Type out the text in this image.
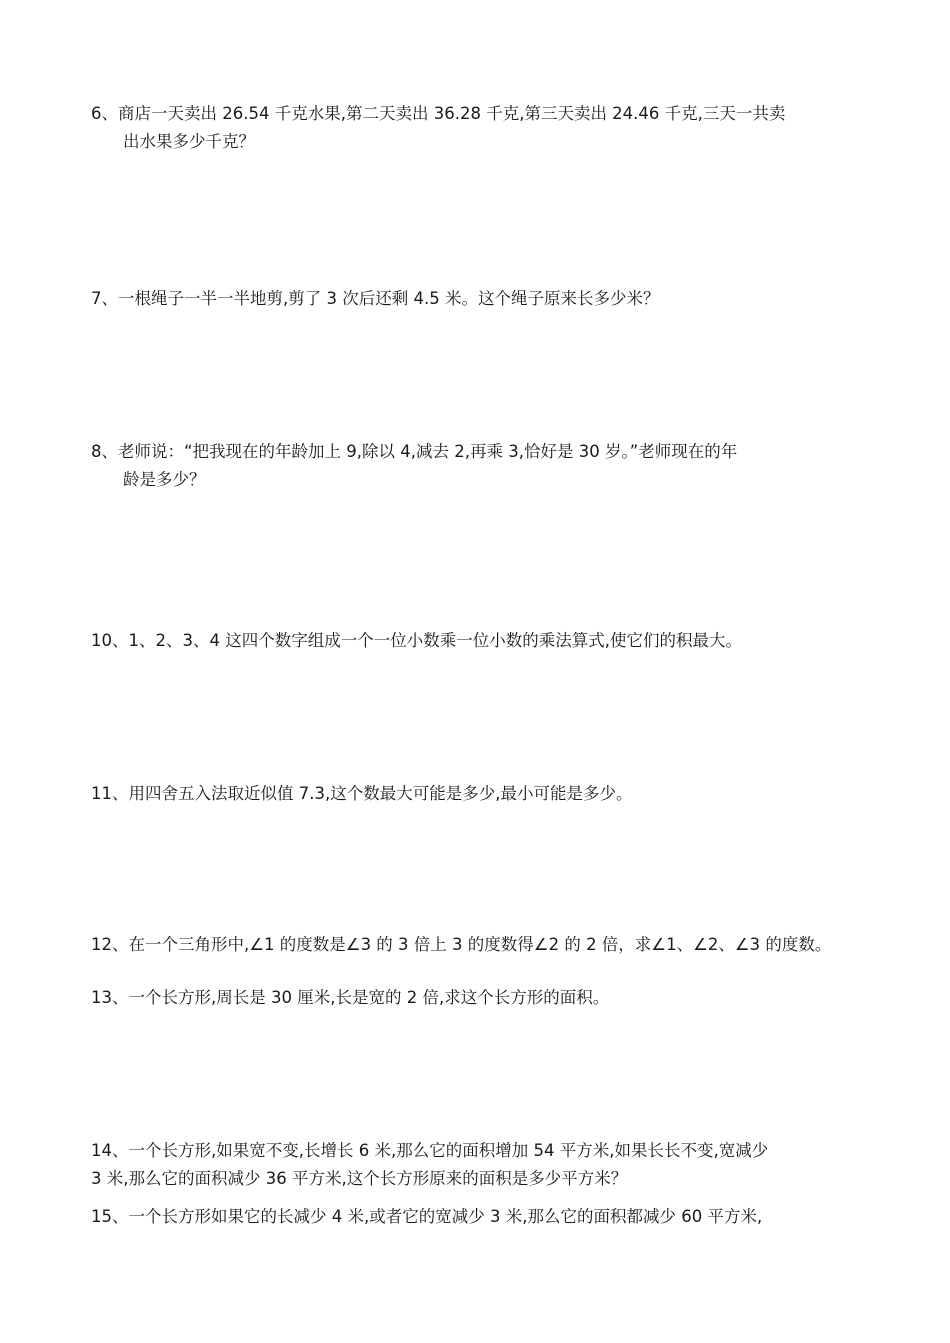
6、商店一天卖出 26.54 千克水果,第二天卖出 36.28 千克,第三天卖出 24.46 千克,三天一共卖
出水果多少千克？
7、一根绳子一半一半地剪,剪了 3 次后还剩 4.5 米。这个绳子原来长多少米？
8、老师说：“把我现在的年龄加上 9,除以 4,减去 2,再乘 3,恰好是 30 岁。”老师现在的年
龄是多少？
10、1、2、3、4 这四个数字组成一个一位小数乘一位小数的乘法算式,使它们的积最大。
11、用四舍五入法取近似值 7.3,这个数最大可能是多少,最小可能是多少。
12、在一个三角形中,∠1 的度数是∠3 的 3 倍上 3 的度数得∠2 的 2 倍，求∠1、∠2、∠3 的度数。
13、一个长方形,周长是 30 厘米,长是宽的 2 倍,求这个长方形的面积。
14、一个长方形,如果宽不变,长增长 6 米,那么它的面积增加 54 平方米,如果长长不变,宽减少
3 米,那么它的面积减少 36 平方米,这个长方形原来的面积是多少平方米？
15、一个长方形如果它的长减少 4 米,或者它的宽减少 3 米,那么它的面积都减少 60 平方米,
